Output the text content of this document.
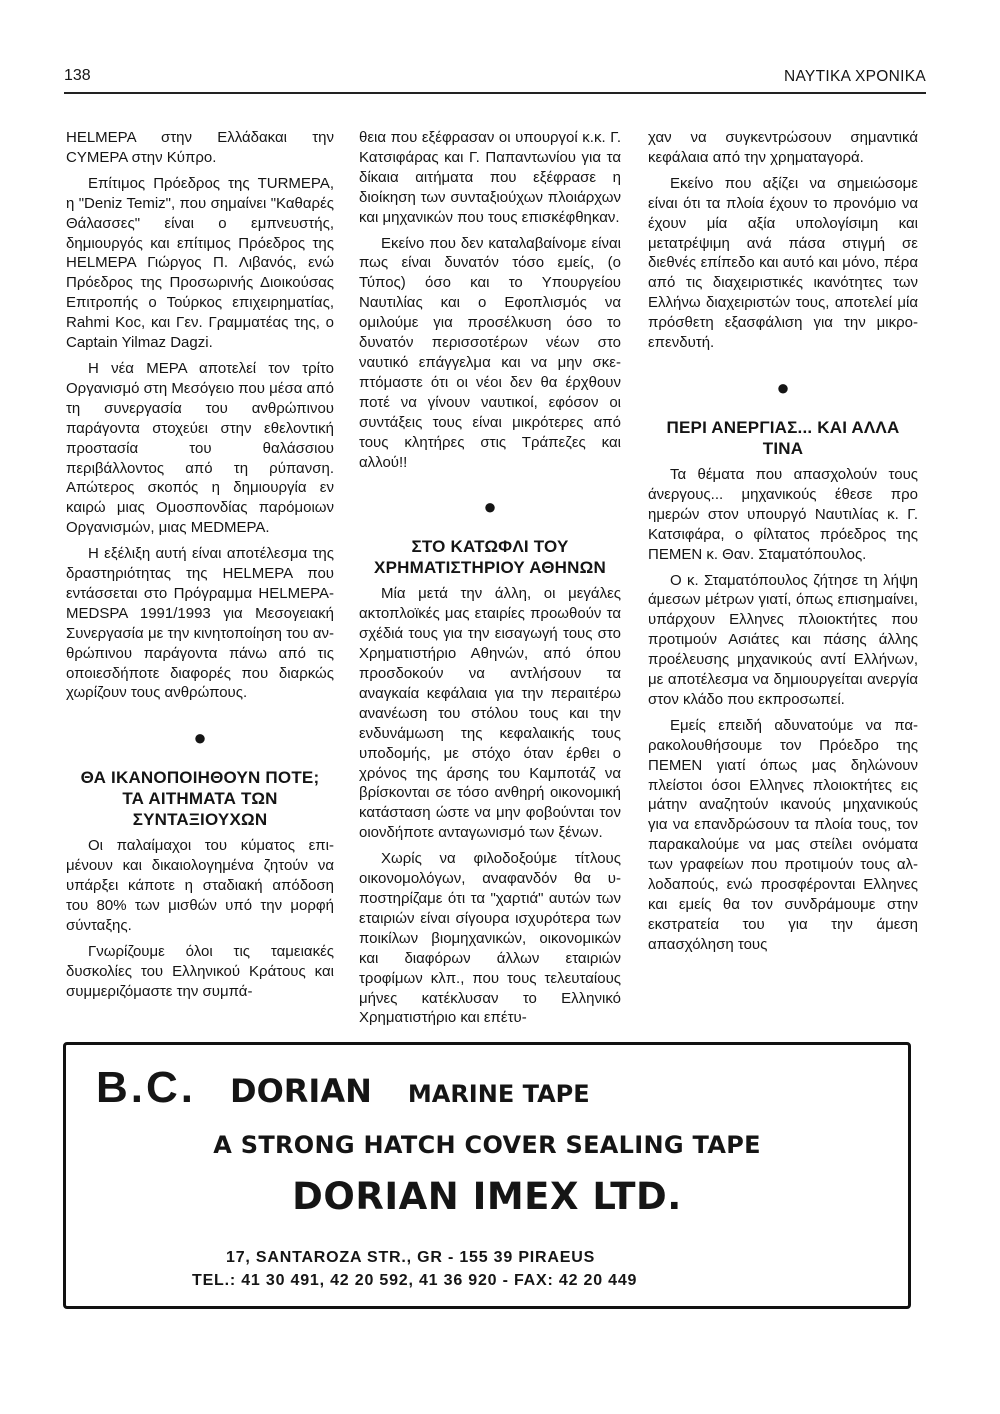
138	ΝΑΥΤΙΚΑ ΧΡΟΝΙΚΑ

HELMEPA στην Ελλάδακαι την CYMEPA στην Κύπρο.

Επίτιμος Πρόεδρος της TURMEPA, η "Deniz Temiz", που σημαίνει "Καθαρές Θάλασσες" είναι ο εμπνευστής, δημιουργός και επίτιμος Πρόεδρος της HELMEPA Γιώργος Π. Λιβανός, ενώ Πρόεδρος της Προσωρινής Διοικούσας Επιτροπής ο Τούρκος επιχειρηματίας, Rahmi Koc, και Γεν. Γραμματέας της, ο Captain Yilmaz Dagzi.

Η νέα ΜΕΡΑ αποτελεί τον τρίτο Οργανισμό στη Μεσόγειο που μέσα από τη συνεργασία του ανθρώπινου παράγοντα στοχεύει στην εθελοντική προστασία του θαλάσσιου περιβάλλοντος από τη ρύπανση. Απώτερος σκοπός η δημιουργία εν καιρώ μιας Ομοσπονδίας παρόμοιων Οργανισμών, μιας MEDMEPA.

Η εξέλιξη αυτή είναι αποτέλεσμα της δραστηριότητας της HELMEPA που εντάσσεται στο Πρόγραμμα HELMEPA-MEDSPA 1991/1993 για Μεσογειακή Συνεργασία με την κινητοποίηση του ανθρώπινου παράγοντα πάνω από τις οποιεσδήποτε διαφορές που διαρκώς χωρίζουν τους ανθρώπους.

●
ΘΑ ΙΚΑΝΟΠΟΙΗΘΟΥΝ ΠΟΤΕ;
ΤΑ ΑΙΤΗΜΑΤΑ ΤΩΝ
ΣΥΝΤΑΞΙΟΥΧΩΝ

Οι παλαίμαχοι του κύματος επιμένουν και δικαιολογημένα ζητούν να υπάρξει κάποτε η σταδιακή απόδοση του 80% των μισθών υπό την μορφή σύνταξης.

Γνωρίζουμε όλοι τις ταμειακές δυσκολίες του Ελληνικού Κράτους και συμμεριζόμαστε την συμπά-

θεια που εξέφρασαν οι υπουργοί κ.κ. Γ. Κατσιφάρας και Γ. Παπαντωνίου για τα δίκαια αιτήματα που εξέφρασε η διοίκηση των συνταξιούχων πλοιάρχων και μηχανικών που τους επισκέφθηκαν.

Εκείνο που δεν καταλαβαίνομε είναι πως είναι δυνατόν τόσο εμείς, (ο Τύπος) όσο και το Υπουργείου Ναυτιλίας και ο Εφοπλισμός να ομιλούμε για προσέλκυση όσο το δυνατόν περισσοτέρων νέων στο ναυτικό επάγγελμα και να μην σκεπτόμαστε ότι οι νέοι δεν θα έρχθουν ποτέ να γίνουν ναυτικοί, εφόσον οι συντάξεις τους είναι μικρότερες από τους κλητήρες στις Τράπεζες και αλλού!!

●
ΣΤΟ ΚΑΤΩΦΛΙ ΤΟΥ
ΧΡΗΜΑΤΙΣΤΗΡΙΟΥ ΑΘΗΝΩΝ

Μία μετά την άλλη, οι μεγάλες ακτοπλοϊκές μας εταιρίες προωθούν τα σχέδιά τους για την εισαγωγή τους στο Χρηματιστήριο Αθηνών, από όπου προσδοκούν να αντλήσουν τα αναγκαία κεφάλαια για την περαιτέρω ανανέωση του στόλου τους και την ενδυνάμωση της κεφαλαικής τους υποδομής, με στόχο όταν έρθει ο χρόνος της άρσης του Καμποτάζ να βρίσκονται σε τόσο ανθηρή οικονομική κατάσταση ώστε να μην φοβούνται τον οιονδήποτε ανταγωνισμό των ξένων.

Χωρίς να φιλοδοξούμε τίτλους οικονομολόγων, αναφανδόν θα υποστηρίζαμε ότι τα "χαρτιά" αυτών των εταιριών είναι σίγουρα ισχυρότερα των ποικίλων βιομηχανικών, οικονομικών και διαφόρων άλλων εταιριών τροφίμων κλπ., που τους τελευταίους μήνες κατέκλυσαν το Ελληνικό Χρηματιστήριο και επέτυ-

χαν να συγκεντρώσουν σημαντικά κεφάλαια από την χρηματαγορά.

Εκείνο που αξίζει να σημειώσομε είναι ότι τα πλοία έχουν το προνόμιο να έχουν μία αξία υπολογίσιμη και μετατρέψιμη ανά πάσα στιγμή σε διεθνές επίπεδο και αυτό και μόνο, πέρα από τις διαχειριστικές ικανότητες των Ελλήνω διαχειριστών τους, αποτελεί μία πρόσθετη εξασφάλιση για την μικρο-επενδυτή.

●
ΠΕΡΙ ΑΝΕΡΓΙΑΣ... ΚΑΙ ΑΛΛΑ
ΤΙΝΑ

Τα θέματα που απασχολούν τους άνεργους... μηχανικούς έθεσε προ ημερών στον υπουργό Ναυτιλίας κ. Γ. Κατσιφάρα, ο φίλτατος πρόεδρος της ΠΕΜΕΝ κ. Θαν. Σταματόπουλος.

Ο κ. Σταματόπουλος ζήτησε τη λήψη άμεσων μέτρων γιατί, όπως επισημαίνει, υπάρχουν Ελληνες πλοιοκτήτες που προτιμούν Ασιάτες και πάσης άλλης προέλευσης μηχανικούς αντί Ελλήνων, με αποτέλεσμα να δημιουργείται ανεργία στον κλάδο που εκπροσωπεί.

Εμείς επειδή αδυνατούμε να παρακολουθήσουμε τον Πρόεδρο της ΠΕΜΕΝ γιατί όπως μας δηλώνουν πλείστοι όσοι Ελληνες πλοιοκτήτες εις μάτην αναζητούν ικανούς μηχανικούς για να επανδρώσουν τα πλοία τους, τον παρακαλούμε να μας στείλει ονόματα των γραφείων που προτιμούν τους αλλοδαπούς, ενώ προσφέρονται Ελληνες και εμείς θα τον συνδράμουμε στην εκστρατεία του για την άμεση απασχόληση τους

B.C. DORIAN MARINE TAPE
A STRONG HATCH COVER SEALING TAPE
DORIAN IMEX LTD.
17, SANTAROZA STR., GR - 155 39 PIRAEUS
TEL.: 41 30 491, 42 20 592, 41 36 920 - FAX: 42 20 449
